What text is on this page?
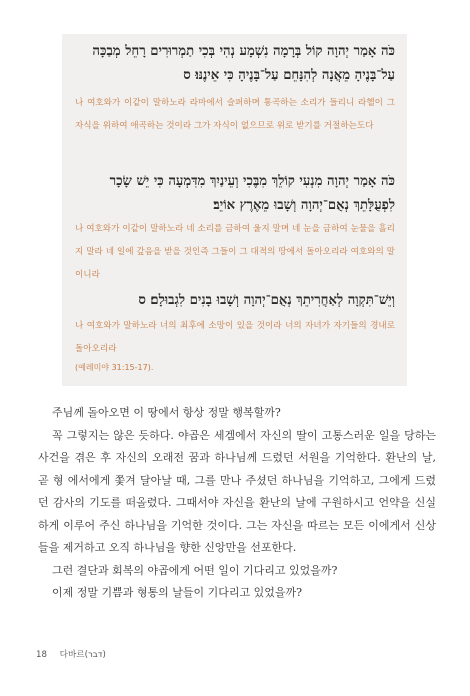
כֹּה אָמַר יְהוָה קוֹל בְּרָמָה נִשְׁמָע נְהִי בְּכִי תַמְרוּרִים רָחֵל מְבַכָּה

עַל־בָּנֶיהָ מֵאֲנָה לְהִנָּחֵם עַל־בָּנֶיהָ כִּי אֵינֶנּוּ׃ ס

나 여호와가 이같이 말하노라 라마에서 슬퍼하며 통곡하는 소리가 들리니 라헬이 그 자식을 위하여 애곡하는 것이라 그가 자식이 없으므로 위로 받기를 거절하는도다

כֹּה אָמַר יְהוָה מִנְעִי קוֹלֵךְ מִבֶּכִי וְעֵינַיִךְ מִדִּמְעָה כִּי יֵשׁ שָׂכָר

לִפְעֻלָּתֵךְ נְאֻם־יְהוָה וְשָׁבוּ מֵאֶרֶץ אוֹיֵב׃

나 여호와가 이같이 말하노라 네 소리를 금하여 울지 말며 네 눈을 금하여 눈물을 흘리지 말라 네 일에 갚음을 받을 것인즉 그들이 그 대적의 땅에서 돌아오리라 여호와의 말이니라

וְיֵשׁ־תִּקְוָה לְאַחֲרִיתֵךְ נְאֻם־יְהוָה וְשָׁבוּ בָנִים לִגְבוּלָם׃ ס

나 여호와가 말하노라 너의 최후에 소망이 있을 것이라 너의 자녀가 자기들의 경내로 돌아오리라

(예레미야 31:15-17).

주님께 돌아오면 이 땅에서 항상 정말 행복할까?

꼭 그렇지는 않은 듯하다. 야곱은 세겜에서 자신의 딸이 고통스러운 일을 당하는 사건을 겪은 후 자신의 오래전 꿈과 하나님께 드렸던 서원을 기억한다. 환난의 날, 곧 형 에서에게 쫓겨 달아날 때, 그를 만나 주셨던 하나님을 기억하고, 그에게 드렸던 감사의 기도를 떠올렸다. 그때서야 자신을 환난의 날에 구원하시고 언약을 신실하게 이루어 주신 하나님을 기억한 것이다. 그는 자신을 따르는 모든 이에게서 신상들을 제거하고 오직 하나님을 향한 신앙만을 선포한다.

그런 결단과 회복의 야곱에게 어떤 일이 기다리고 있었을까?

이제 정말 기쁨과 형통의 날들이 기다리고 있었을까?

18 다바르(דבר)
